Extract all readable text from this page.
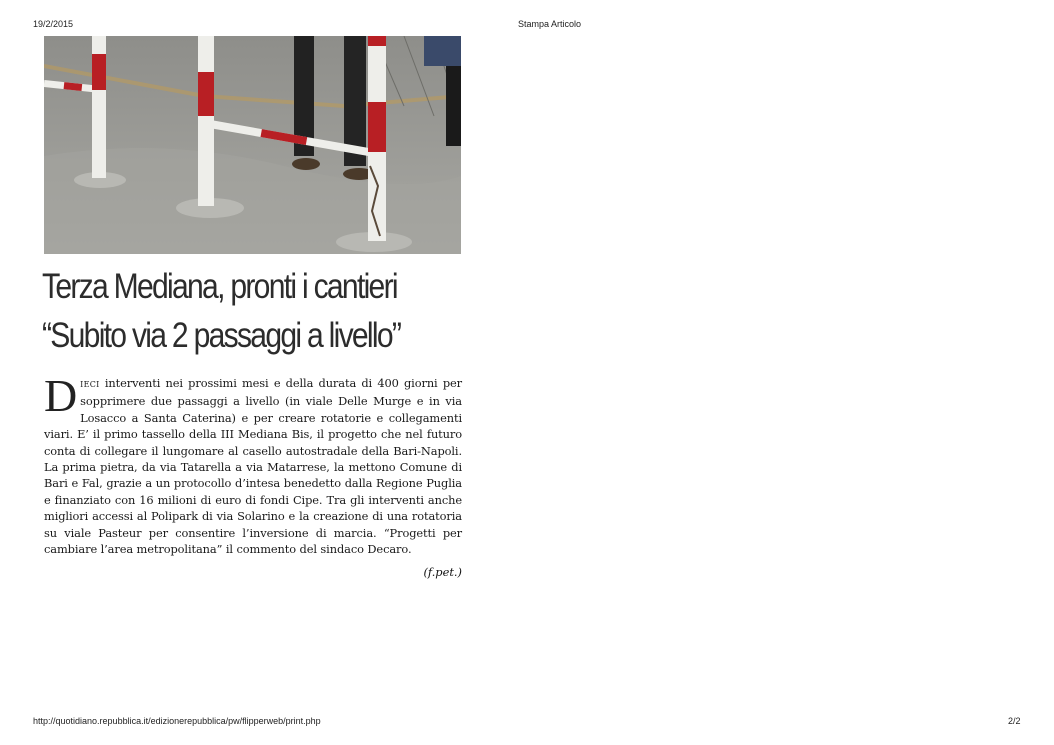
19/2/2015	Stampa Articolo
Terza Mediana, pronti i cantieri
“Subito via 2 passaggi a livello”
DIECI interventi nei prossimi mesi e della durata di 400 giorni per sopprimere due passaggi a livello (in viale Delle Murge e in via Losacco a Santa Caterina) e per creare rotatorie e collegamenti viari. E’ il primo tassello della III Mediana Bis, il progetto che nel futuro conta di collegare il lungomare al casello autostradale della Bari-Napoli. La prima pietra, da via Tatarella a via Matarrese, la mettono Comune di Bari e Fal, grazie a un protocollo d’intesa benedetto dalla Regione Puglia e finanziato con 16 milioni di euro di fondi Cipe. Tra gli interventi anche migliori accessi al Polipark di via Solarino e la creazione di una rotatoria su viale Pasteur per consentire l’inversione di marcia. “Progetti per cambiare l’area metropolitana” il commento del sindaco Decaro.
(f.pet.)
http://quotidiano.repubblica.it/edizionerepubblica/pw/flipperweb/print.php	2/2
